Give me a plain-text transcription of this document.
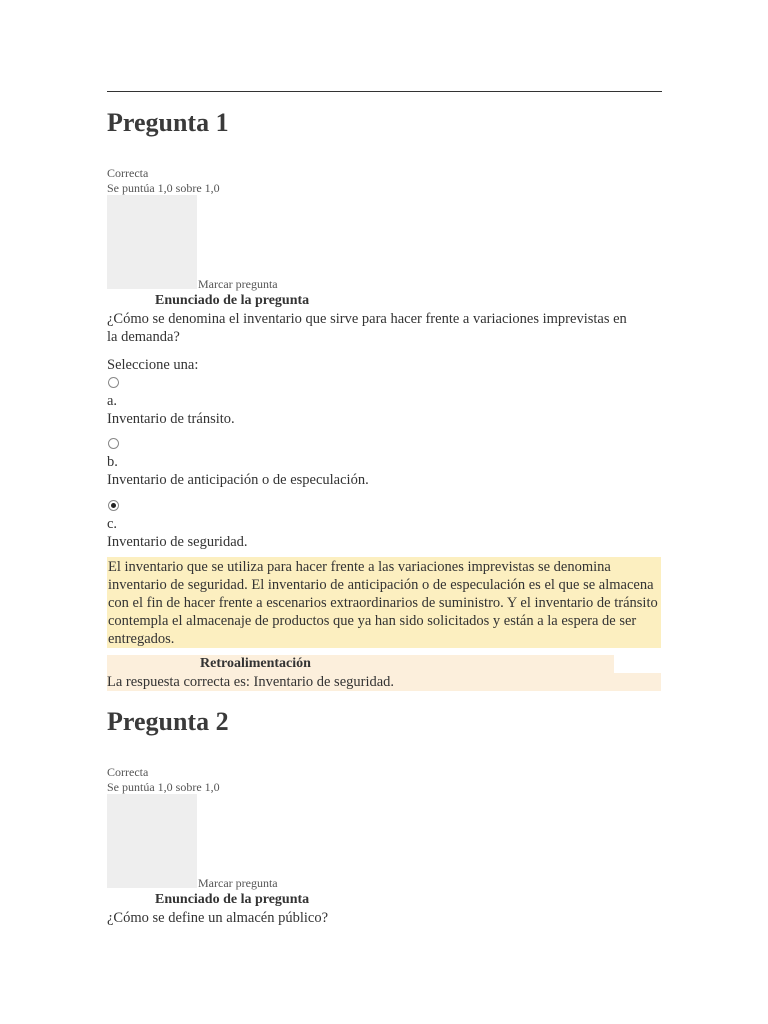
Pregunta 1
Correcta
Se puntúa 1,0 sobre 1,0
Marcar pregunta
Enunciado de la pregunta
¿Cómo se denomina el inventario que sirve para hacer frente a variaciones imprevistas en la demanda?
Seleccione una:
a.
Inventario de tránsito.
b.
Inventario de anticipación o de especulación.
c.
Inventario de seguridad.
El inventario que se utiliza para hacer frente a las variaciones imprevistas se denomina inventario de seguridad. El inventario de anticipación o de especulación es el que se almacena con el fin de hacer frente a escenarios extraordinarios de suministro. Y el inventario de tránsito contempla el almacenaje de productos que ya han sido solicitados y están a la espera de ser entregados.
Retroalimentación
La respuesta correcta es: Inventario de seguridad.
Pregunta 2
Correcta
Se puntúa 1,0 sobre 1,0
Marcar pregunta
Enunciado de la pregunta
¿Cómo se define un almacén público?
